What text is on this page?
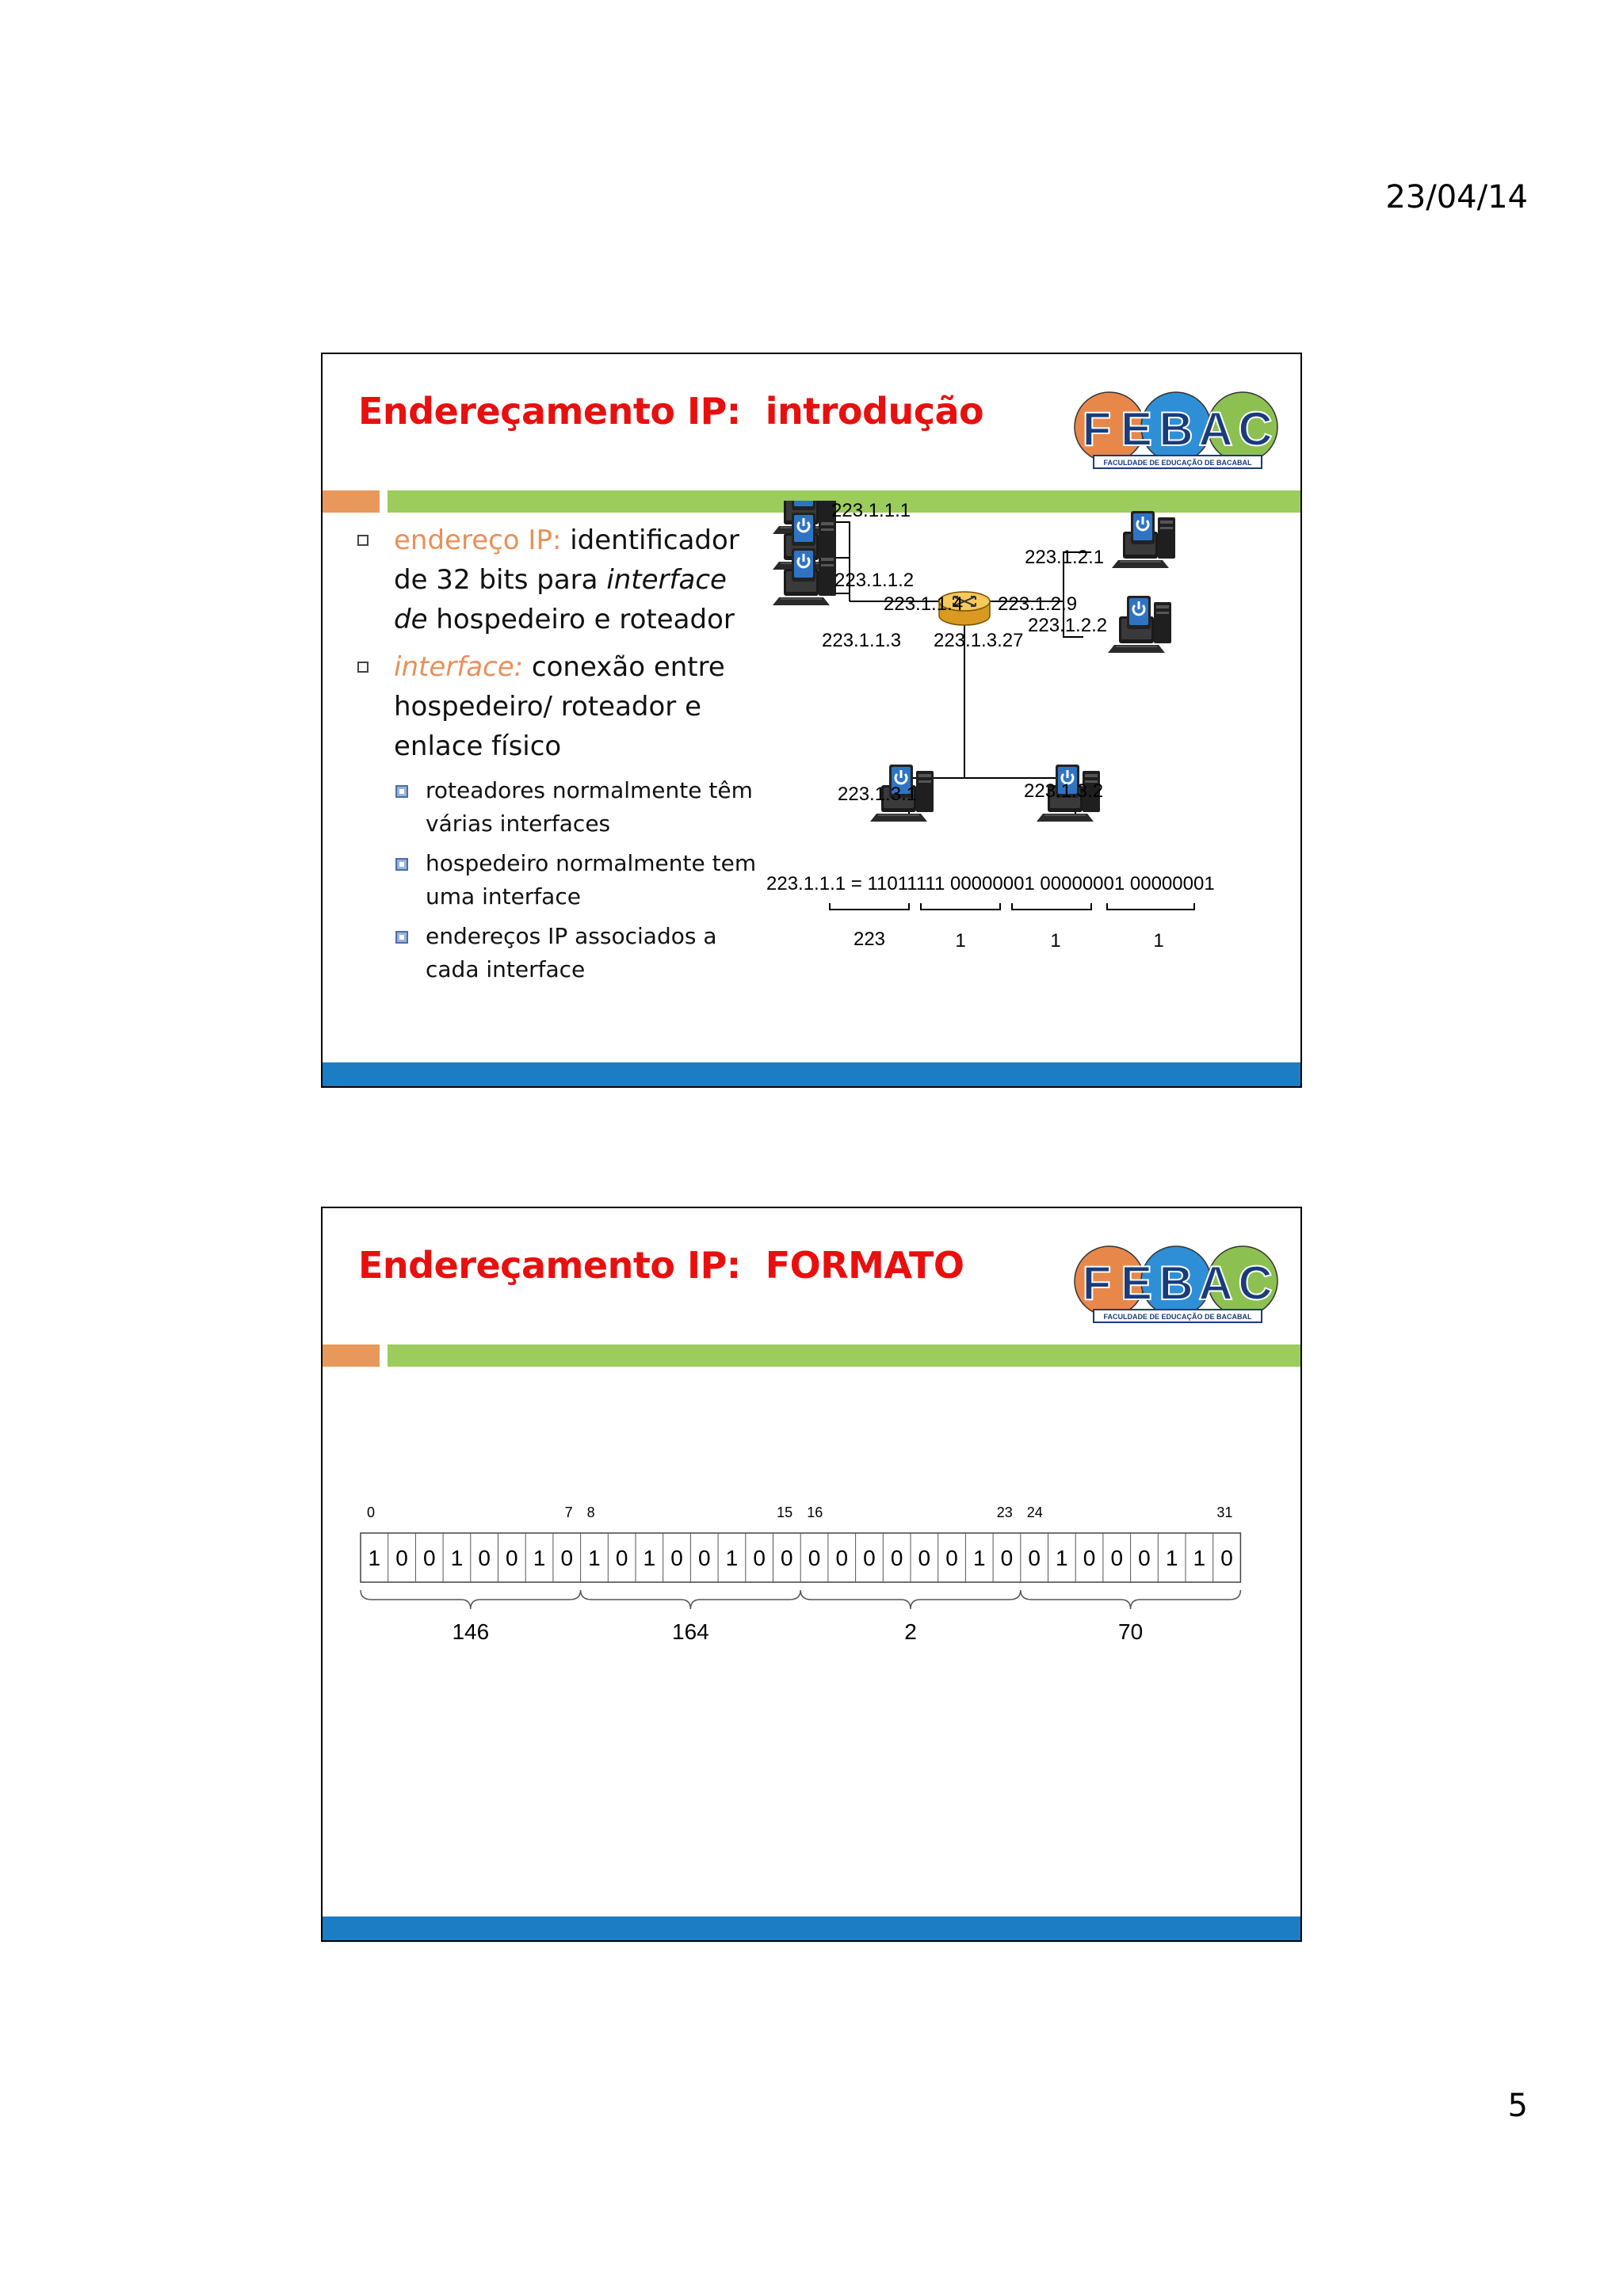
23/04/14
Endereçamento IP:  introdução F E B A C
FACULDADE DE EDUCAÇÃO DE BACABAL
endereço IP: identificador de 32 bits para interface de hospedeiro e roteador
interface: conexão entre hospedeiro/ roteador e enlace físico
roteadores normalmente têm várias interfaces
hospedeiro normalmente tem uma interface
endereços IP associados a cada interface
223.1.1.1
223.1.1.2
223.1.1.3
223.1.1.4 223.1.2.9
223.1.3.27
223.1.2.1
223.1.2.2
223.1.3.1	223.1.3.2
223.1.1.1 = 11011111 00000001 00000001 00000001
223	1	1	1
Endereçamento IP:  FORMATO F E B A C
FACULDADE DE EDUCAÇÃO DE BACABAL
0	7 8	15 16	23 24	31
1 0 0 1 0 0 1 0 1 0 1 0 0 1 0 0 0 0 0 0 0 0 1 0 0 1 0 0 0 1 1 0
146	164	2	70
5
